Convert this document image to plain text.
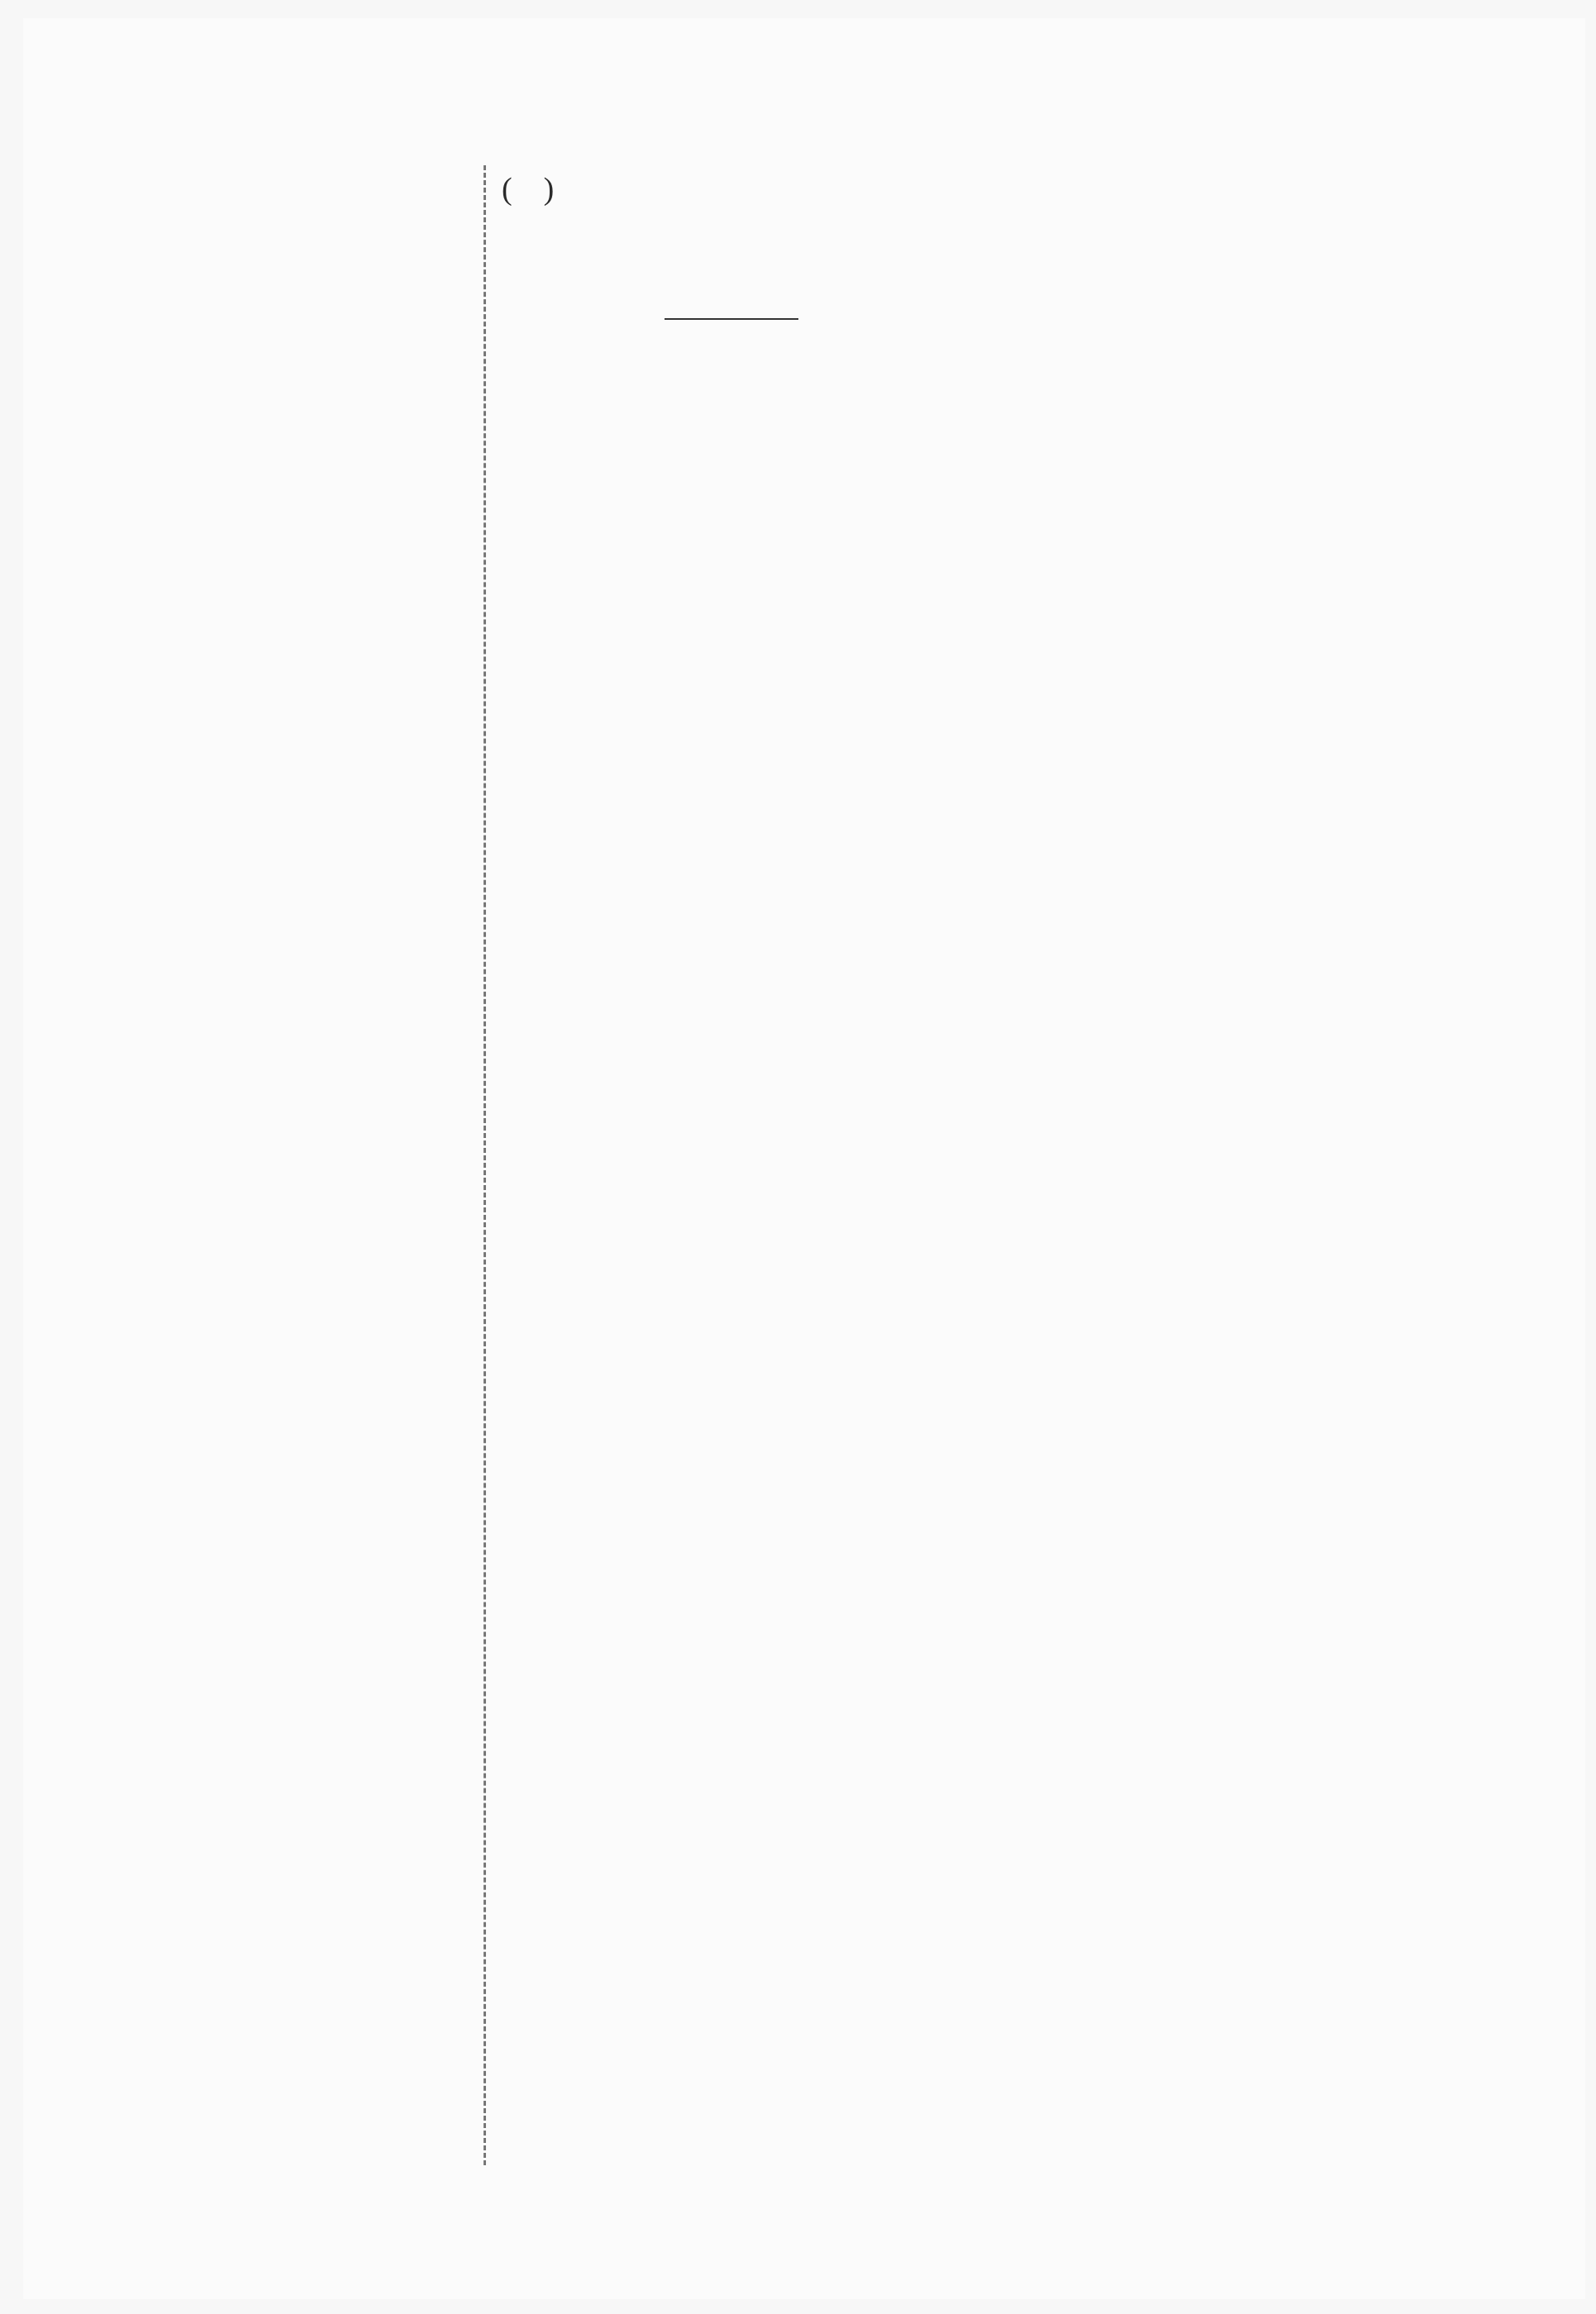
(    )
